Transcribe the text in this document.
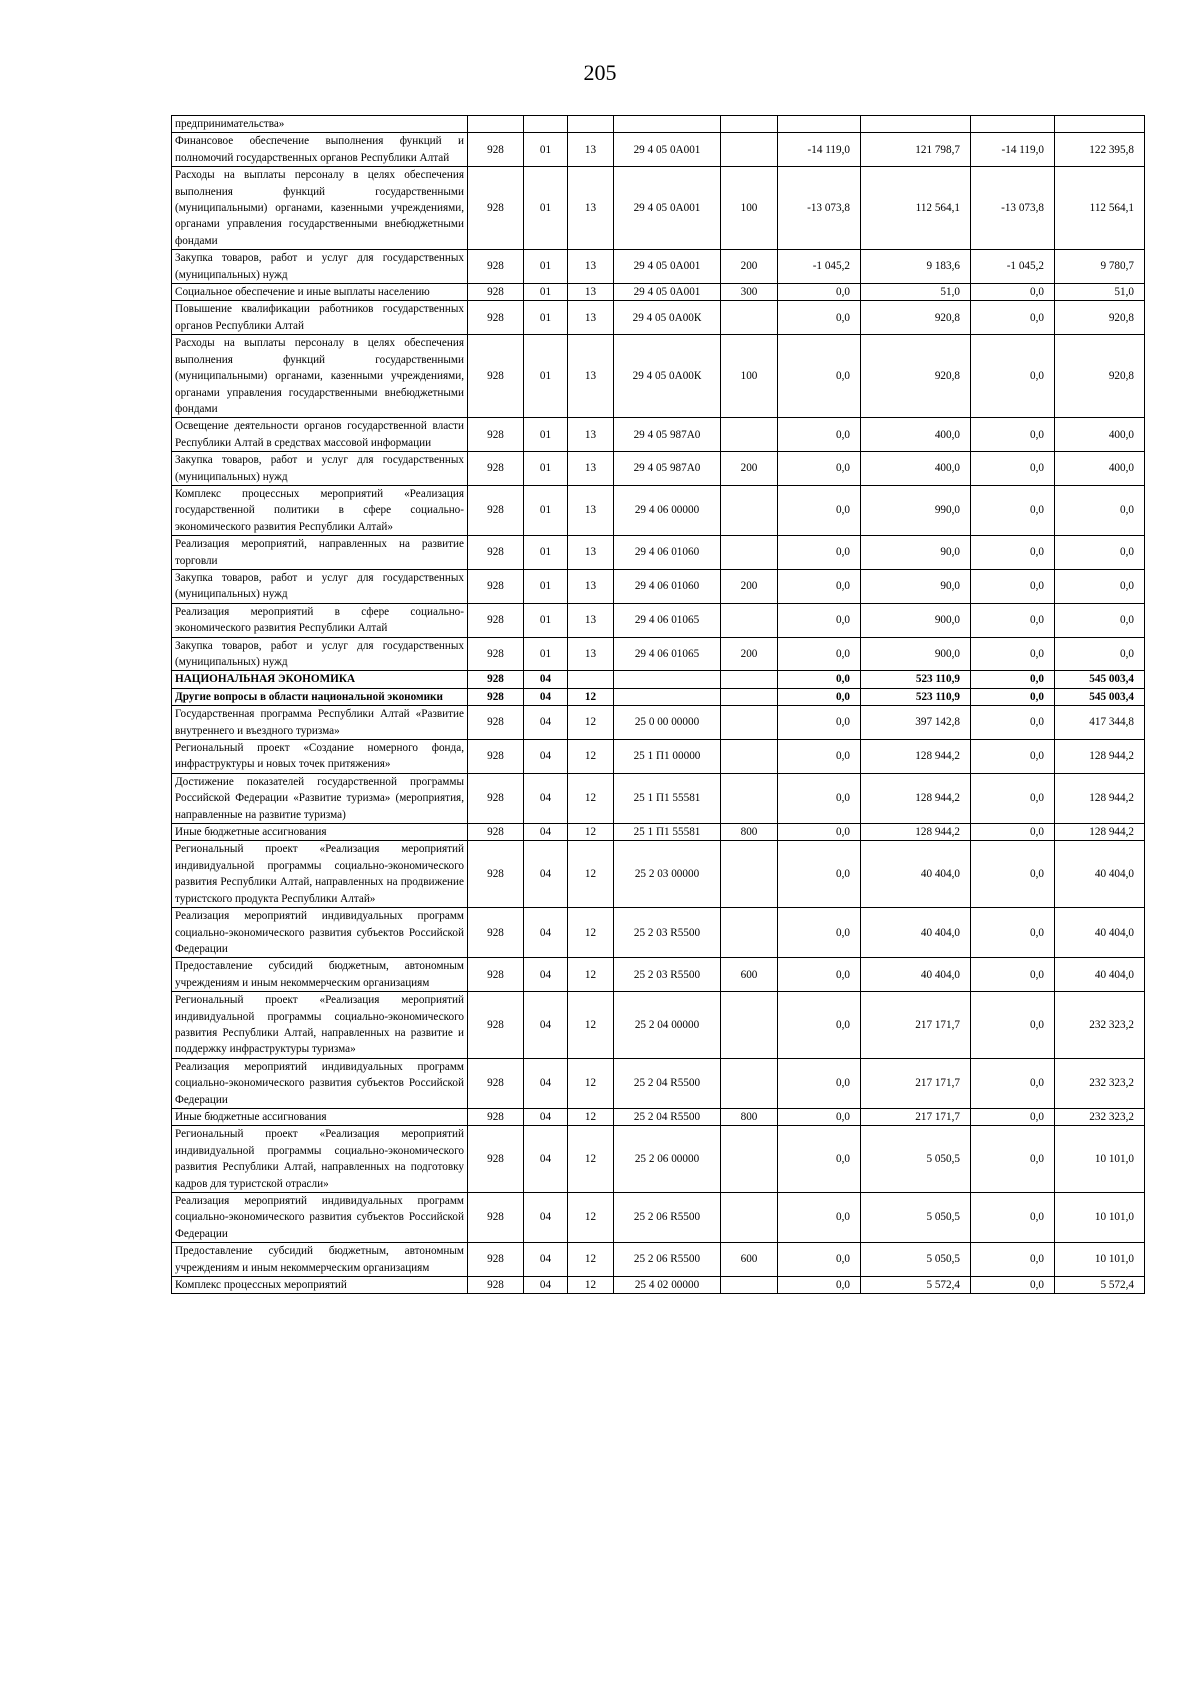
205
предпринимательства»									
Финансовое обеспечение выполнения функций и полномочий государственных органов Республики Алтай	928	01	13	29 4 05 0А001		-14 119,0	121 798,7	-14 119,0	122 395,8
Расходы на выплаты персоналу в целях обеспечения выполнения функций государственными (муниципальными) органами, казенными учреждениями, органами управления государственными внебюджетными фондами	928	01	13	29 4 05 0А001	100	-13 073,8	112 564,1	-13 073,8	112 564,1
Закупка товаров, работ и услуг для государственных (муниципальных) нужд	928	01	13	29 4 05 0А001	200	-1 045,2	9 183,6	-1 045,2	9 780,7
Социальное обеспечение и иные выплаты населению	928	01	13	29 4 05 0А001	300	0,0	51,0	0,0	51,0
Повышение квалификации работников государственных органов Республики Алтай	928	01	13	29 4 05 0А00К		0,0	920,8	0,0	920,8
Расходы на выплаты персоналу в целях обеспечения выполнения функций государственными (муниципальными) органами, казенными учреждениями, органами управления государственными внебюджетными фондами	928	01	13	29 4 05 0А00К	100	0,0	920,8	0,0	920,8
Освещение деятельности органов государственной власти Республики Алтай в средствах массовой информации	928	01	13	29 4 05 987А0		0,0	400,0	0,0	400,0
Закупка товаров, работ и услуг для государственных (муниципальных) нужд	928	01	13	29 4 05 987А0	200	0,0	400,0	0,0	400,0
Комплекс процессных мероприятий «Реализация государственной политики в сфере социально-экономического развития Республики Алтай»	928	01	13	29 4 06 00000		0,0	990,0	0,0	0,0
Реализация мероприятий, направленных на развитие торговли	928	01	13	29 4 06 01060		0,0	90,0	0,0	0,0
Закупка товаров, работ и услуг для государственных (муниципальных) нужд	928	01	13	29 4 06 01060	200	0,0	90,0	0,0	0,0
Реализация мероприятий в сфере социально-экономического развития Республики Алтай	928	01	13	29 4 06 01065		0,0	900,0	0,0	0,0
Закупка товаров, работ и услуг для государственных (муниципальных) нужд	928	01	13	29 4 06 01065	200	0,0	900,0	0,0	0,0
НАЦИОНАЛЬНАЯ ЭКОНОМИКА	928	04				0,0	523 110,9	0,0	545 003,4
Другие вопросы в области национальной экономики	928	04	12			0,0	523 110,9	0,0	545 003,4
Государственная программа Республики Алтай «Развитие внутреннего и въездного туризма»	928	04	12	25 0 00 00000		0,0	397 142,8	0,0	417 344,8
Региональный проект «Создание номерного фонда, инфраструктуры и новых точек притяжения»	928	04	12	25 1 П1 00000		0,0	128 944,2	0,0	128 944,2
Достижение показателей государственной программы Российской Федерации «Развитие туризма» (мероприятия, направленные на развитие туризма)	928	04	12	25 1 П1 55581		0,0	128 944,2	0,0	128 944,2
Иные бюджетные ассигнования	928	04	12	25 1 П1 55581	800	0,0	128 944,2	0,0	128 944,2
Региональный проект «Реализация мероприятий индивидуальной программы социально-экономического развития Республики Алтай, направленных на продвижение туристского продукта Республики Алтай»	928	04	12	25 2 03 00000		0,0	40 404,0	0,0	40 404,0
Реализация мероприятий индивидуальных программ социально-экономического развития субъектов Российской Федерации	928	04	12	25 2 03 R5500		0,0	40 404,0	0,0	40 404,0
Предоставление субсидий бюджетным, автономным учреждениям и иным некоммерческим организациям	928	04	12	25 2 03 R5500	600	0,0	40 404,0	0,0	40 404,0
Региональный проект «Реализация мероприятий индивидуальной программы социально-экономического развития Республики Алтай, направленных на развитие и поддержку инфраструктуры туризма»	928	04	12	25 2 04 00000		0,0	217 171,7	0,0	232 323,2
Реализация мероприятий индивидуальных программ социально-экономического развития субъектов Российской Федерации	928	04	12	25 2 04 R5500		0,0	217 171,7	0,0	232 323,2
Иные бюджетные ассигнования	928	04	12	25 2 04 R5500	800	0,0	217 171,7	0,0	232 323,2
Региональный проект «Реализация мероприятий индивидуальной программы социально-экономического развития Республики Алтай, направленных на подготовку кадров для туристской отрасли»	928	04	12	25 2 06 00000		0,0	5 050,5	0,0	10 101,0
Реализация мероприятий индивидуальных программ социально-экономического развития субъектов Российской Федерации	928	04	12	25 2 06 R5500		0,0	5 050,5	0,0	10 101,0
Предоставление субсидий бюджетным, автономным учреждениям и иным некоммерческим организациям	928	04	12	25 2 06 R5500	600	0,0	5 050,5	0,0	10 101,0
Комплекс процессных мероприятий	928	04	12	25 4 02 00000		0,0	5 572,4	0,0	5 572,4
